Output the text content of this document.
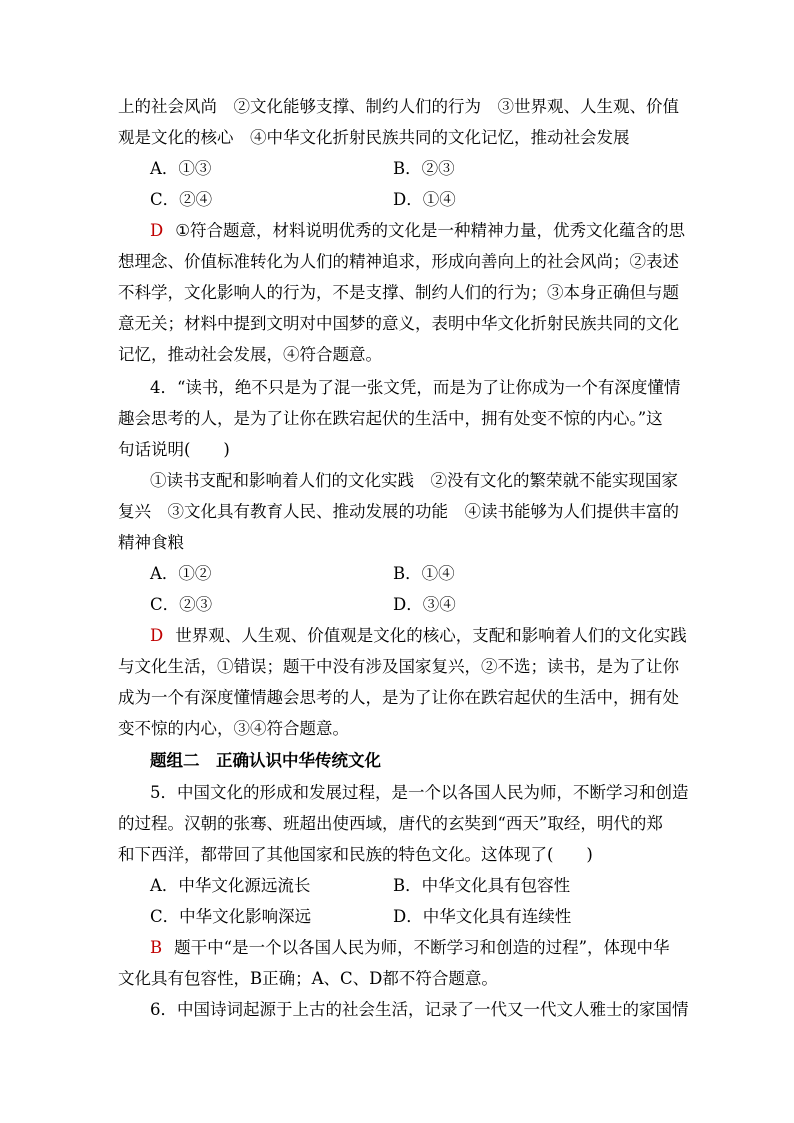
上的社会风尚　②文化能够支撑、制约人们的行为　③世界观、人生观、价值
观是文化的核心　④中华文化折射民族共同的文化记忆，推动社会发展
A．①③	B．②③
C．②④	D．①④
D ①符合题意，材料说明优秀的文化是一种精神力量，优秀文化蕴含的思
想理念、价值标准转化为人们的精神追求，形成向善向上的社会风尚；②表述
不科学，文化影响人的行为，不是支撑、制约人们的行为；③本身正确但与题
意无关；材料中提到文明对中国梦的意义，表明中华文化折射民族共同的文化
记忆，推动社会发展，④符合题意。
4．“读书，绝不只是为了混一张文凭，而是为了让你成为一个有深度懂情
趣会思考的人，是为了让你在跌宕起伏的生活中，拥有处变不惊的内心。”这
句话说明(　　)
①读书支配和影响着人们的文化实践　②没有文化的繁荣就不能实现国家
复兴　③文化具有教育人民、推动发展的功能　④读书能够为人们提供丰富的
精神食粮
A．①②	B．①④
C．②③	D．③④
D 世界观、人生观、价值观是文化的核心，支配和影响着人们的文化实践
与文化生活，①错误；题干中没有涉及国家复兴，②不选；读书，是为了让你
成为一个有深度懂情趣会思考的人，是为了让你在跌宕起伏的生活中，拥有处
变不惊的内心，③④符合题意。
题组二　正确认识中华传统文化
5．中国文化的形成和发展过程，是一个以各国人民为师，不断学习和创造
的过程。汉朝的张骞、班超出使西域，唐代的玄奘到“西天”取经，明代的郑
和下西洋，都带回了其他国家和民族的特色文化。这体现了(　　)
A．中华文化源远流长	B．中华文化具有包容性
C．中华文化影响深远	D．中华文化具有连续性
B 题干中“是一个以各国人民为师，不断学习和创造的过程”，体现中华
文化具有包容性，B正确；A、C、D都不符合题意。
6．中国诗词起源于上古的社会生活，记录了一代又一代文人雅士的家国情
